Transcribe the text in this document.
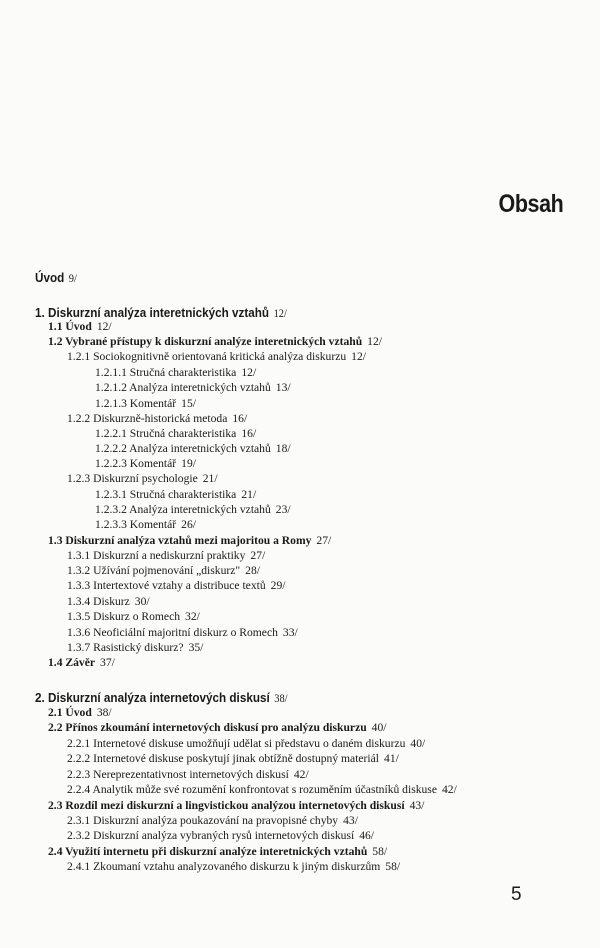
Obsah
Úvod 9/
1. Diskurzní analýza interetnických vztahů 12/
1.1 Úvod 12/
1.2 Vybrané přístupy k diskurzní analýze interetnických vztahů 12/
1.2.1 Sociokognitivně orientovaná kritická analýza diskurzu 12/
1.2.1.1 Stručná charakteristika 12/
1.2.1.2 Analýza interetnických vztahů 13/
1.2.1.3 Komentář 15/
1.2.2 Diskurzně-historická metoda 16/
1.2.2.1 Stručná charakteristika 16/
1.2.2.2 Analýza interetnických vztahů 18/
1.2.2.3 Komentář 19/
1.2.3 Diskurzní psychologie 21/
1.2.3.1 Stručná charakteristika 21/
1.2.3.2 Analýza interetnických vztahů 23/
1.2.3.3 Komentář 26/
1.3 Diskurzní analýza vztahů mezi majoritou a Romy 27/
1.3.1 Diskurzní a nediskurzní praktiky 27/
1.3.2 Užívání pojmenování „diskurz" 28/
1.3.3 Intertextové vztahy a distribuce textů 29/
1.3.4 Diskurz 30/
1.3.5 Diskurz o Romech 32/
1.3.6 Neoficiální majoritní diskurz o Romech 33/
1.3.7 Rasistický diskurz? 35/
1.4 Závěr 37/
2. Diskurzní analýza internetových diskusí 38/
2.1 Úvod 38/
2.2 Přínos zkoumání internetových diskusí pro analýzu diskurzu 40/
2.2.1 Internetové diskuse umožňují udělat si představu o daném diskurzu 40/
2.2.2 Internetové diskuse poskytují jinak obtížně dostupný materiál 41/
2.2.3 Nereprezentativnost internetových diskusí 42/
2.2.4 Analytik může své rozumění konfrontovat s rozuměním účastníků diskuse 42/
2.3 Rozdíl mezi diskurzní a lingvistickou analýzou internetových diskusí 43/
2.3.1 Diskurzní analýza poukazování na pravopisné chyby 43/
2.3.2 Diskurzní analýza vybraných rysů internetových diskusí 46/
2.4 Využití internetu při diskurzní analýze interetnických vztahů 58/
2.4.1 Zkoumaní vztahu analyzovaného diskurzu k jiným diskurzům 58/
5
